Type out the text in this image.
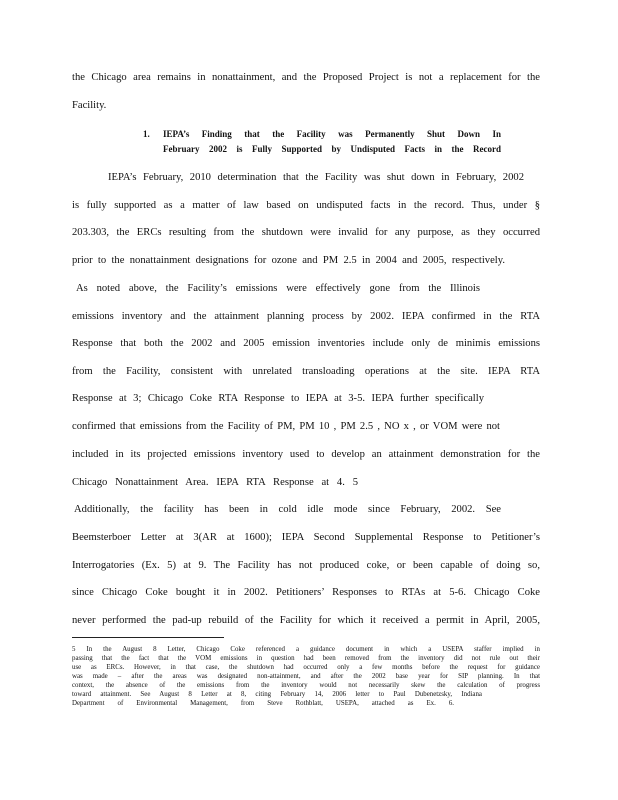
the Chicago area remains in nonattainment, and the Proposed Project is not a replacement for the
Facility.
1. IEPA’s Finding that the Facility was Permanently Shut Down In
February 2002 is Fully Supported by Undisputed Facts in the Record
IEPA’s February, 2010 determination that the Facility was shut down in February, 2002
is fully supported as a matter of law based on undisputed facts in the record. Thus, under §
203.303, the ERCs resulting from the shutdown were invalid for any purpose, as they occurred
prior to the nonattainment designations for ozone and PM 2.5 in 2004 and 2005, respectively.
As noted above, the Facility’s emissions were effectively gone from the Illinois
emissions inventory and the attainment planning process by 2002. IEPA confirmed in the RTA
Response that both the 2002 and 2005 emission inventories include only de minimis emissions
from the Facility, consistent with unrelated transloading operations at the site. IEPA RTA
Response at 3; Chicago Coke RTA Response to IEPA at 3-5. IEPA further specifically
confirmed that emissions from the Facility of PM, PM 10 , PM 2.5 , NO x , or VOM were not
included in its projected emissions inventory used to develop an attainment demonstration for the
Chicago Nonattainment Area. IEPA RTA Response at 4. 5
Additionally, the facility has been in cold idle mode since February, 2002. See
Beemsterboer Letter at 3(AR at 1600); IEPA Second Supplemental Response to Petitioner’s
Interrogatories (Ex. 5) at 9. The Facility has not produced coke, or been capable of doing so,
since Chicago Coke bought it in 2002. Petitioners’ Responses to RTAs at 5-6. Chicago Coke
never performed the pad-up rebuild of the Facility for which it received a permit in April, 2005,
5 In the August 8 Letter, Chicago Coke referenced a guidance document in which a USEPA staffer implied in
passing that the fact that the VOM emissions in question had been removed from the inventory did not rule out their
use as ERCs. However, in that case, the shutdown had occurred only a few months before the request for guidance
was made – after the areas was designated non-attainment, and after the 2002 base year for SIP planning. In that
context, the absence of the emissions from the inventory would not necessarily skew the calculation of progress
toward attainment. See August 8 Letter at 8, citing February 14, 2006 letter to Paul Dubenetzsky, Indiana
Department of Environmental Management, from Steve Rothblatt, USEPA, attached as Ex. 6.
